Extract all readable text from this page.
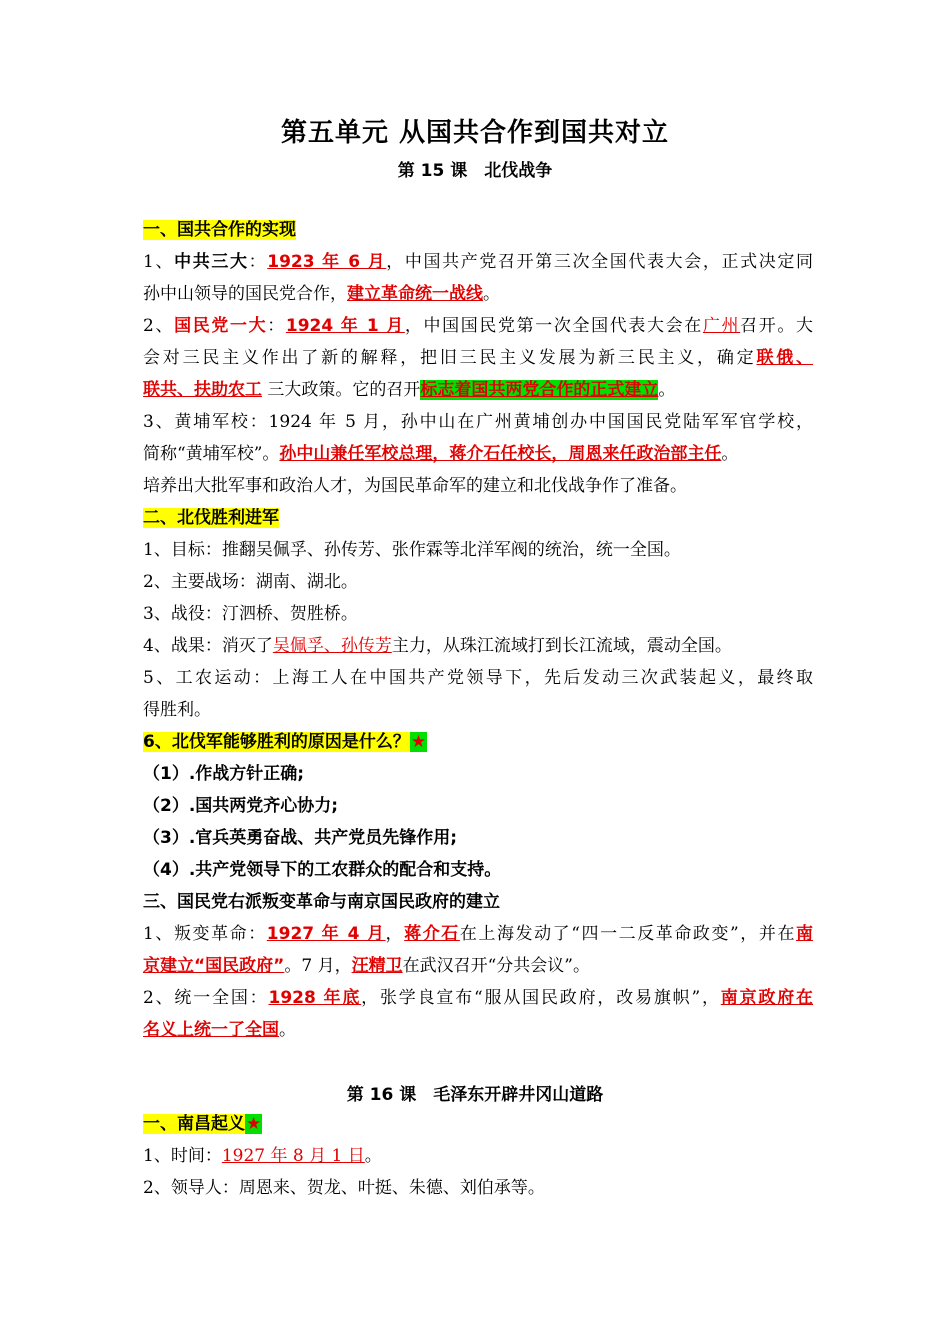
第五单元 从国共合作到国共对立
第 15 课　北伐战争
一、国共合作的实现
1、中共三大：1923 年 6 月，中国共产党召开第三次全国代表大会，正式决定同
孙中山领导的国民党合作，建立革命统一战线。
2、国民党一大：1924 年 1 月，中国国民党第一次全国代表大会在广州召开。大
会对三民主义作出了新的解释，把旧三民主义发展为新三民主义，确定联俄、
联共、扶助农工 三大政策。它的召开标志着国共两党合作的正式建立。
3、黄埔军校：1924 年 5 月，孙中山在广州黄埔创办中国国民党陆军军官学校，
简称“黄埔军校”。孙中山兼任军校总理，蒋介石任校长，周恩来任政治部主任。
培养出大批军事和政治人才，为国民革命军的建立和北伐战争作了准备。
二、北伐胜利进军
1、目标：推翻吴佩孚、孙传芳、张作霖等北洋军阀的统治，统一全国。
2、主要战场：湖南、湖北。
3、战役：汀泗桥、贺胜桥。
4、战果：消灭了吴佩孚、孙传芳主力，从珠江流域打到长江流域，震动全国。
5、工农运动：上海工人在中国共产党领导下，先后发动三次武装起义，最终取
得胜利。
6、北伐军能够胜利的原因是什么？★
（1）.作战方针正确;
（2）.国共两党齐心协力;
（3）.官兵英勇奋战、共产党员先锋作用;
（4）.共产党领导下的工农群众的配合和支持。
三、国民党右派叛变革命与南京国民政府的建立
1、叛变革命：1927 年 4 月，蒋介石在上海发动了“四一二反革命政变”，并在南
京建立“国民政府”。7 月，汪精卫在武汉召开“分共会议”。
2、统一全国：1928 年底，张学良宣布“服从国民政府，改易旗帜”，南京政府在
名义上统一了全国。
第 16 课　毛泽东开辟井冈山道路
一、南昌起义★
1、时间：1927 年 8 月 1 日。
2、领导人：周恩来、贺龙、叶挺、朱德、刘伯承等。
